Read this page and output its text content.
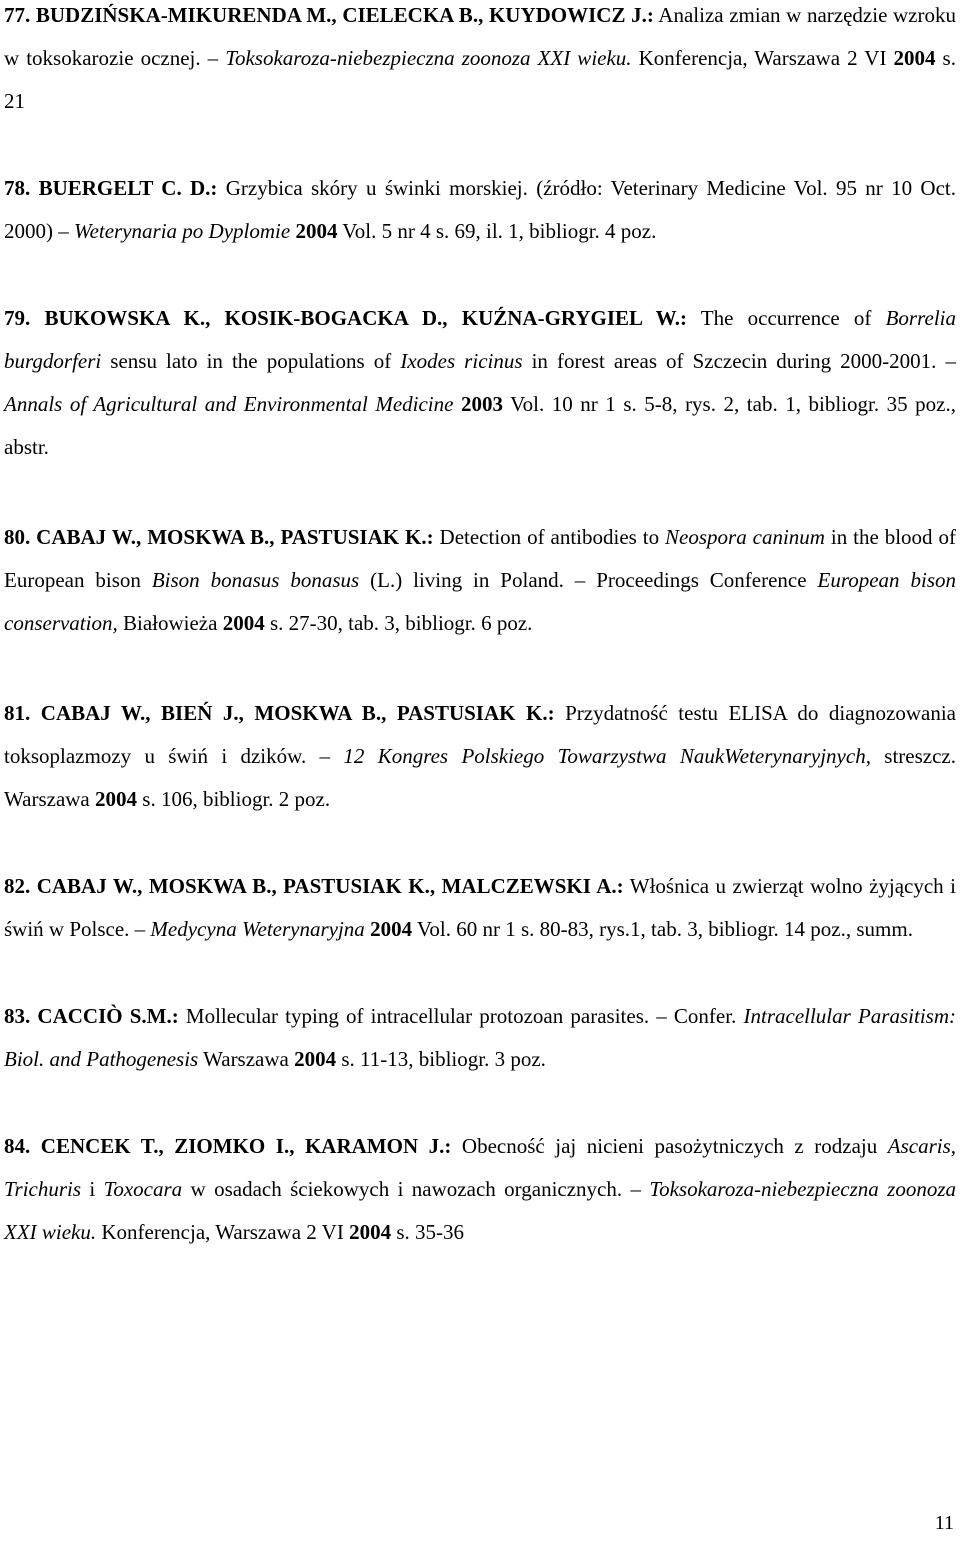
77. BUDZIŃSKA-MIKURENDA M., CIELECKA B., KUYDOWICZ J.: Analiza zmian w narzędzie wzroku w toksokarozie ocznej. – Toksokaroza-niebezpieczna zoonoza XXI wieku. Konferencja, Warszawa 2 VI 2004 s. 21

78. BUERGELT C. D.: Grzybica skóry u świnki morskiej. (źródło: Veterinary Medicine Vol. 95 nr 10 Oct. 2000) – Weterynaria po Dyplomie 2004 Vol. 5 nr 4 s. 69, il. 1, bibliogr. 4 poz.

79. BUKOWSKA K., KOSIK-BOGACKA D., KUŹNA-GRYGIEL W.: The occurrence of Borrelia burgdorferi sensu lato in the populations of Ixodes ricinus in forest areas of Szczecin during 2000-2001. – Annals of Agricultural and Environmental Medicine 2003 Vol. 10 nr 1 s. 5-8, rys. 2, tab. 1, bibliogr. 35 poz., abstr.

80. CABAJ W., MOSKWA B., PASTUSIAK K.: Detection of antibodies to Neospora caninum in the blood of European bison Bison bonasus bonasus (L.) living in Poland. – Proceedings Conference European bison conservation, Białowieża 2004 s. 27-30, tab. 3, bibliogr. 6 poz.

81. CABAJ W., BIEŃ J., MOSKWA B., PASTUSIAK K.: Przydatność testu ELISA do diagnozowania toksoplazmozy u świń i dzików. – 12 Kongres Polskiego Towarzystwa NaukWeterynaryjnych, streszcz. Warszawa 2004 s. 106, bibliogr. 2 poz.

82. CABAJ W., MOSKWA B., PASTUSIAK K., MALCZEWSKI A.: Włośnica u zwierząt wolno żyjących i świń w Polsce. – Medycyna Weterynaryjna 2004 Vol. 60 nr 1 s. 80-83, rys.1, tab. 3, bibliogr. 14 poz., summ.

83. CACCIÒ S.M.: Mollecular typing of intracellular protozoan parasites. – Confer. Intracellular Parasitism: Biol. and Pathogenesis Warszawa 2004 s. 11-13, bibliogr. 3 poz.

84. CENCEK T., ZIOMKO I., KARAMON J.: Obecność jaj nicieni pasożytniczych z rodzaju Ascaris, Trichuris i Toxocara w osadach ściekowych i nawozach organicznych. – Toksokaroza-niebezpieczna zoonoza XXI wieku. Konferencja, Warszawa 2 VI 2004 s. 35-36

11
